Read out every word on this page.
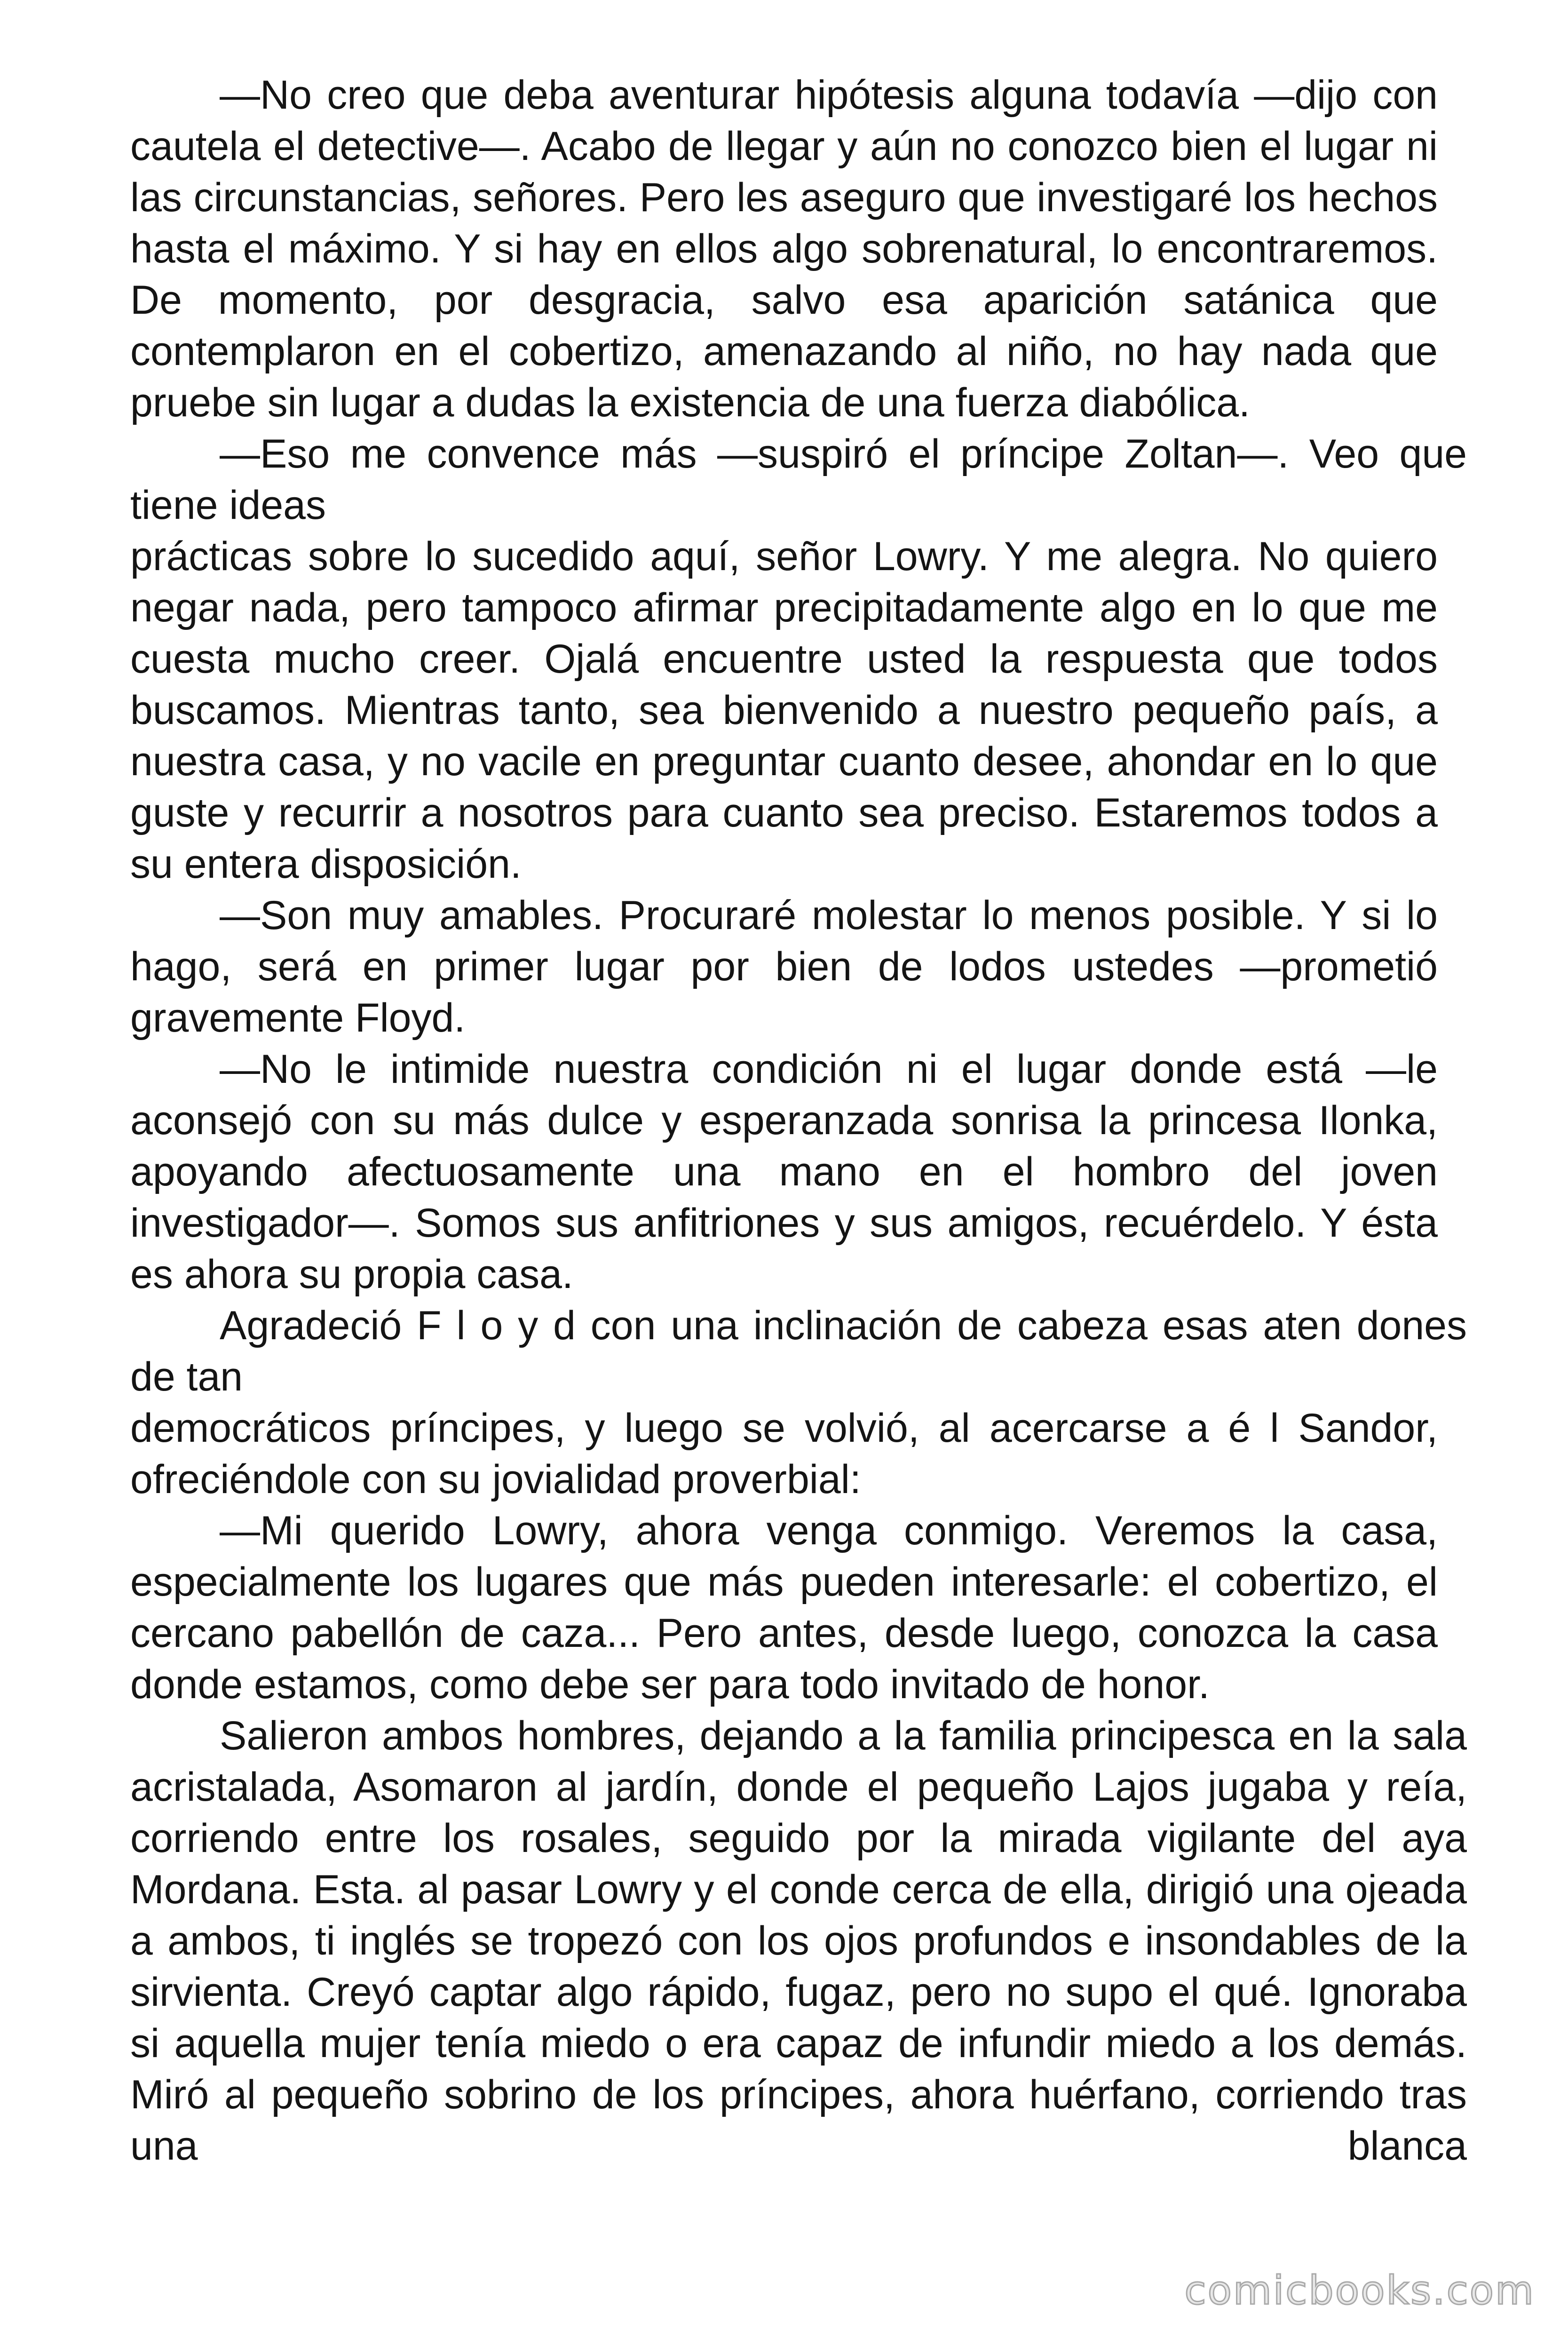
—No creo que deba aventurar hipótesis alguna todavía —dijo con cautela el detective—. Acabo de llegar y aún no conozco bien el lugar ni las circunstancias, señores. Pero les aseguro que investigaré los hechos hasta el máximo. Y si hay en ellos algo sobrenatural, lo encontraremos. De momento, por desgracia, salvo esa aparición satánica que contemplaron en el cobertizo, amenazando al niño, no hay nada que pruebe sin lugar a dudas la existencia de una fuerza diabólica.

—Eso me convence más —suspiró el príncipe Zoltan—. Veo que tiene ideas

prácticas sobre lo sucedido aquí, señor Lowry. Y me alegra. No quiero negar nada, pero tampoco afirmar precipitadamente algo en lo que me cuesta mucho creer. Ojalá encuentre usted la respuesta que todos buscamos. Mientras tanto, sea bienvenido a nuestro pequeño país, a nuestra casa, y no vacile en preguntar cuanto desee, ahondar en lo que guste y recurrir a nosotros para cuanto sea preciso. Estaremos todos a su entera disposición.

—Son muy amables. Procuraré molestar lo menos posible. Y si lo hago, será en primer lugar por bien de lodos ustedes —prometió gravemente Floyd.

—No le intimide nuestra condición ni el lugar donde está —le aconsejó con su más dulce y esperanzada sonrisa la princesa Ilonka, apoyando afectuosamente una mano en el hombro del joven investigador—. Somos sus anfitriones y sus amigos, recuérdelo. Y ésta es ahora su propia casa.

Agradeció F l o y d con una inclinación de cabeza esas aten dones de tan

democráticos príncipes, y luego se volvió, al acercarse a é l Sandor, ofreciéndole con su jovialidad proverbial:

—Mi querido Lowry, ahora venga conmigo. Veremos la casa, especialmente los lugares que más pueden interesarle: el cobertizo, el cercano pabellón de caza... Pero antes, desde luego, conozca la casa donde estamos, como debe ser para todo invitado de honor.

Salieron ambos hombres, dejando a la familia principesca en la sala acristalada, Asomaron al jardín, donde el pequeño Lajos jugaba y reía, corriendo entre los rosales, seguido por la mirada vigilante del aya Mordana. Esta. al pasar Lowry y el conde cerca de ella, dirigió una ojeada a ambos, ti inglés se tropezó con los ojos profundos e insondables de la sirvienta. Creyó captar algo rápido, fugaz, pero no supo el qué. Ignoraba si aquella mujer tenía miedo o era capaz de infundir miedo a los demás. Miró al pequeño sobrino de los príncipes, ahora huérfano, corriendo tras una blanca

comicbooks.com
